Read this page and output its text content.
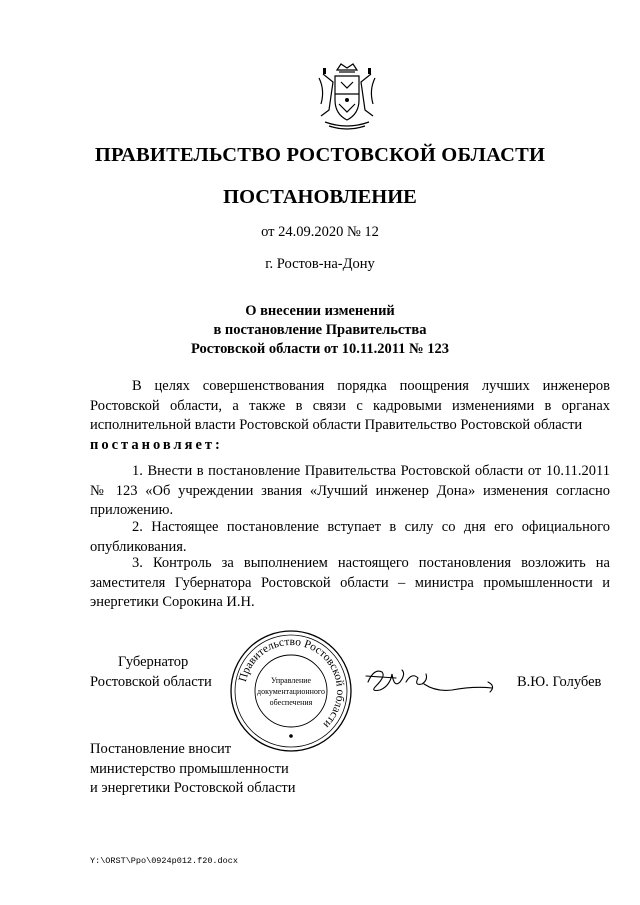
ПРАВИТЕЛЬСТВО РОСТОВСКОЙ ОБЛАСТИ
ПОСТАНОВЛЕНИЕ
от 24.09.2020 № 12
г. Ростов-на-Дону
О внесении изменений
в постановление Правительства
Ростовской области от 10.11.2011 № 123
В целях совершенствования порядка поощрения лучших инженеров Ростовской области, а также в связи с кадровыми изменениями в органах исполнительной власти Ростовской области Правительство Ростовской области
постановляет:
1. Внести в постановление Правительства Ростовской области от 10.11.2011 № 123 «Об учреждении звания «Лучший инженер Дона» изменения согласно приложению.
2. Настоящее постановление вступает в силу со дня его официального опубликования.
3. Контроль за выполнением настоящего постановления возложить на заместителя Губернатора Ростовской области – министра промышленности и энергетики Сорокина И.Н.
Губернатор
Ростовской области	Правительство Ростовской области
Управление
документационного
обеспечения
В.Ю. Голубев
Постановление вносит
министерство промышленности
и энергетики Ростовской области
Y:\ORST\Ppo\0924p012.f20.docx
